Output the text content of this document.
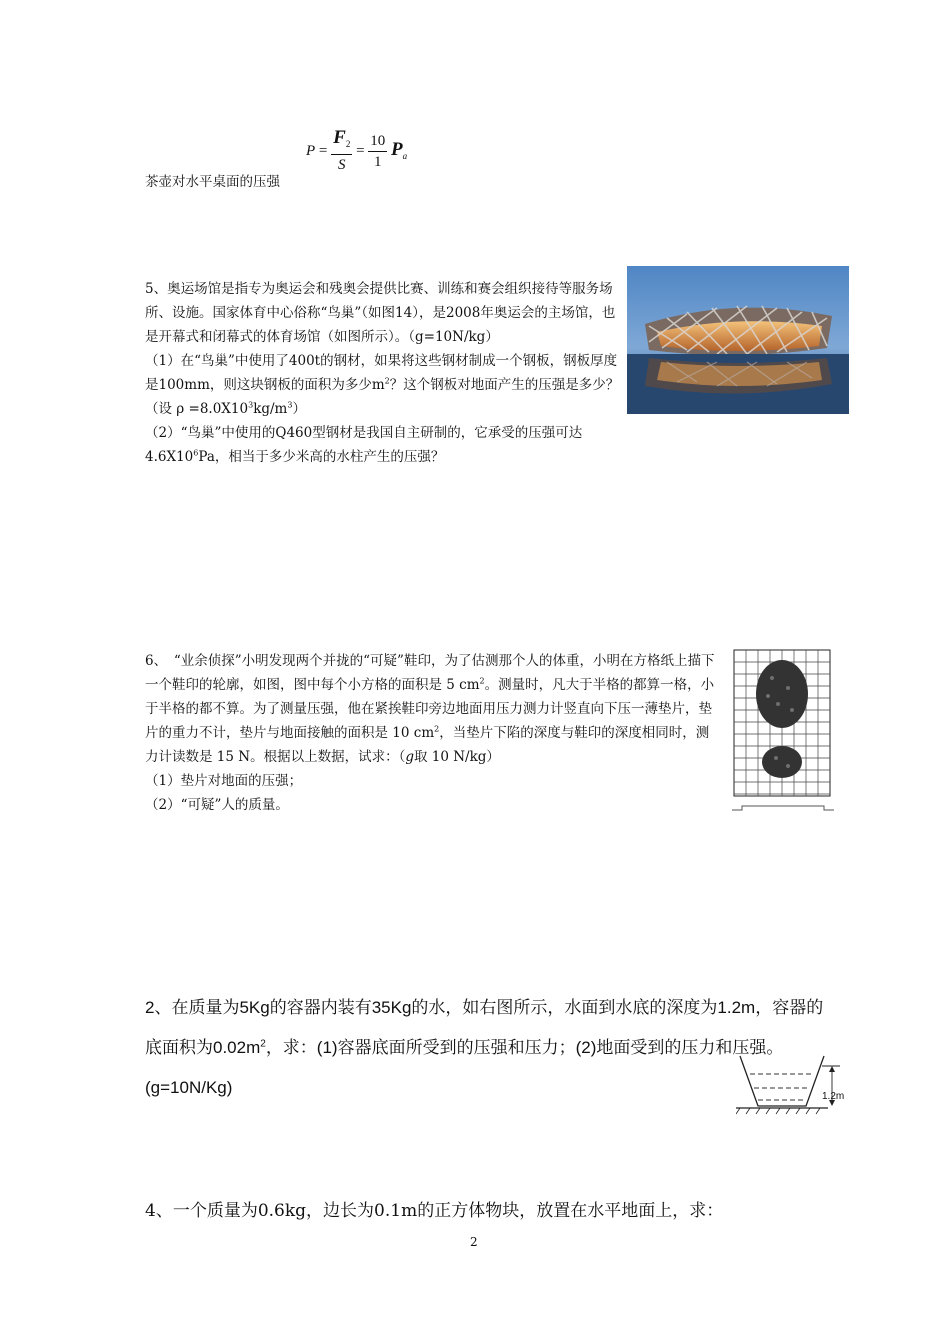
$P = \frac{F_2}{S} = \frac{10}{1} P_a$
茶壶对水平桌面的压强
5、奥运场馆是指专为奥运会和残奥会提供比赛、训练和赛会组织接待等服务场所、设施。国家体育中心俗称“鸟巢”（如图14），是2008年奥运会的主场馆，也是开幕式和闭幕式的体育场馆（如图所示）。（g=10N/kg）
（1）在“鸟巢”中使用了400t的钢材，如果将这些钢材制成一个钢板，钢板厚度是100mm，则这块钢板的面积为多少$m^2$？这个钢板对地面产生的压强是多少？（设 $\rho =8.0X10^3kg/m^3$）
（2）“鸟巢”中使用的Q460型钢材是我国自主研制的，它承受的压强可达$4.6X10^6Pa$，相当于多少米高的水柱产生的压强？
6、　“业余侦探”小明发现两个并拢的“可疑”鞋印，为了估测那个人的体重，小明在方格纸上描下一个鞋印的轮廓，如图，图中每个小方格的面积是 5 $cm^2$。测量时，凡大于半格的都算一格，小于半格的都不算。为了测量压强，他在紧挨鞋印旁边地面用压力测力计竖直向下压一薄垫片，垫片的重力不计，垫片与地面接触的面积是 10 $cm^2$，当垫片下陷的深度与鞋印的深度相同时，测力计读数是 15 N。根据以上数据，试求：（g取 10 N/kg）
（1）垫片对地面的压强；
（2）“可疑”人的质量。
2、在质量为5Kg的容器内装有35Kg的水，如右图所示，水面到水底的深度为1.2m，容器的底面积为$0.02m^2$，求：(1)容器底面所受到的压强和压力；(2)地面受到的压力和压强。(g=10N/Kg)	1.2m
4、一个质量为0.6kg，边长为0.1m的正方体物块，放置在水平地面上，求：
2
